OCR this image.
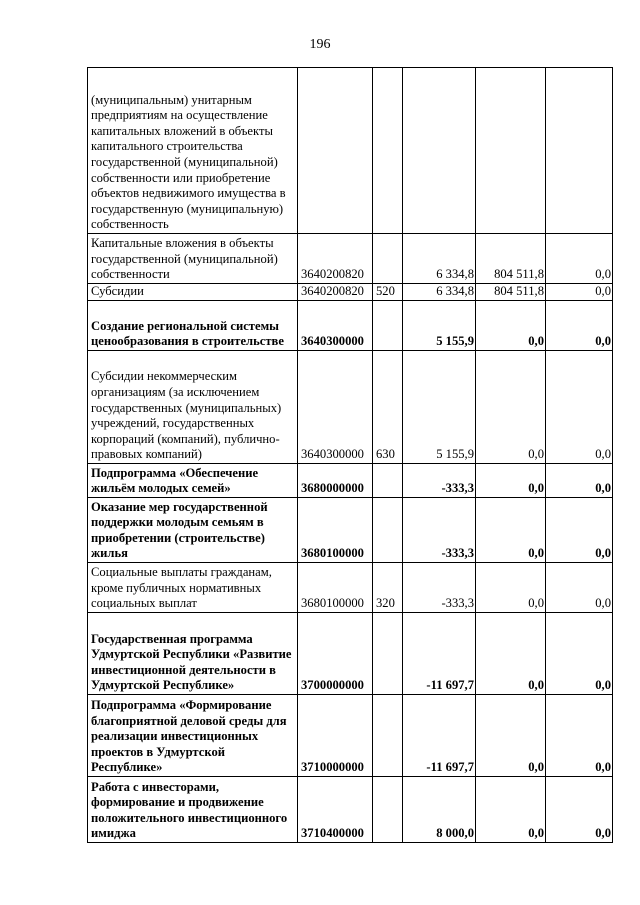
196
(муниципальным) унитарным предприятиям на осуществление капитальных вложений в объекты капитального строительства государственной (муниципальной) собственности или приобретение объектов недвижимого имущества в государственную (муниципальную) собственность					
Капитальные вложения в объекты государственной (муниципальной) собственности	3640200820		6 334,8	804 511,8	0,0
Субсидии	3640200820	520	6 334,8	804 511,8	0,0
Создание региональной системы ценообразования в строительстве	3640300000		5 155,9	0,0	0,0
Субсидии некоммерческим организациям (за исключением государственных (муниципальных) учреждений, государственных корпораций (компаний), публично-правовых компаний)	3640300000	630	5 155,9	0,0	0,0
Подпрограмма «Обеспечение жильём молодых семей»	3680000000		-333,3	0,0	0,0
Оказание мер государственной поддержки молодым семьям в приобретении (строительстве) жилья	3680100000		-333,3	0,0	0,0
Социальные выплаты гражданам, кроме публичных нормативных социальных выплат	3680100000	320	-333,3	0,0	0,0
Государственная программа Удмуртской Республики «Развитие инвестиционной деятельности в Удмуртской Республике»	3700000000		-11 697,7	0,0	0,0
Подпрограмма «Формирование благоприятной деловой среды для реализации инвестиционных проектов в Удмуртской Республике»	3710000000		-11 697,7	0,0	0,0
Работа с инвесторами, формирование и продвижение положительного инвестиционного имиджа	3710400000		8 000,0	0,0	0,0
